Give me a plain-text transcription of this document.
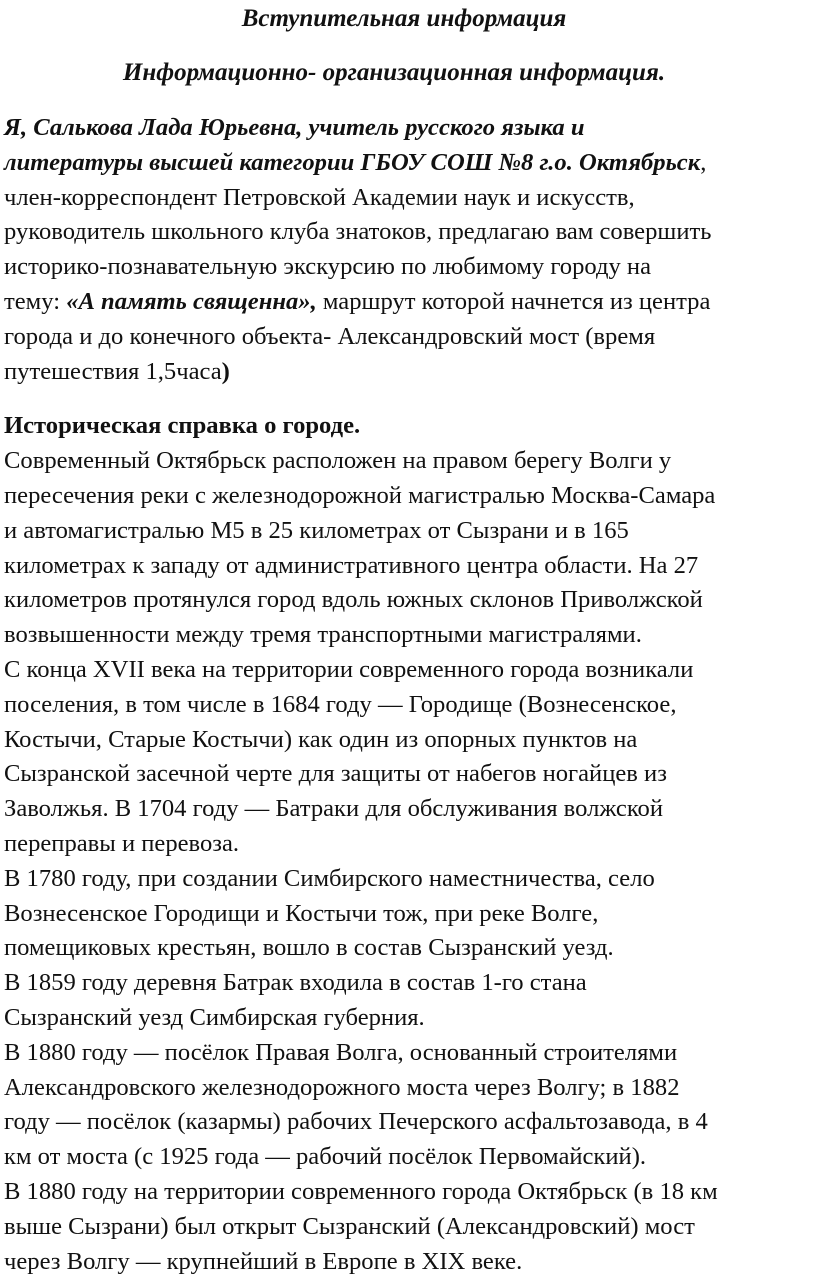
Вступительная информация
Информационно- организационная информация.
Я, Салькова Лада Юрьевна, учитель русского языка и
литературы высшей категории ГБОУ СОШ №8 г.о. Октябрьск,
член-корреспондент Петровской Академии наук и искусств,
руководитель школьного клуба знатоков, предлагаю вам совершить
историко-познавательную экскурсию по любимому городу на
тему: «А память священна», маршрут которой начнется из центра
города и до конечного объекта- Александровский мост (время
путешествия 1,5часа)
Историческая справка о городе.
Современный Октябрьск расположен на правом берегу Волги у
пересечения реки с железнодорожной магистралью Москва-Самара
и автомагистралью М5 в 25 километрах от Сызрани и в 165
километрах к западу от административного центра области. На 27
километров протянулся город вдоль южных склонов Приволжской
возвышенности между тремя транспортными магистралями.
С конца XVII века на территории современного города возникали
поселения, в том числе в 1684 году — Городище (Вознесенское,
Костычи, Старые Костычи) как один из опорных пунктов на
Сызранской засечной черте для защиты от набегов ногайцев из
Заволжья. В 1704 году — Батраки для обслуживания волжской
переправы и перевоза.
В 1780 году, при создании Симбирского наместничества, село
Вознесенское Городищи и Костычи тож, при реке Волге,
помещиковых крестьян, вошло в состав Сызранский уезд.
В 1859 году деревня Батрак входила в состав 1-го стана
Сызранский уезд Симбирская губерния.
В 1880 году — посёлок Правая Волга, основанный строителями
Александровского железнодорожного моста через Волгу; в 1882
году — посёлок (казармы) рабочих Печерского асфальтозавода, в 4
км от моста (с 1925 года — рабочий посёлок Первомайский).
В 1880 году на территории современного города Октябрьск (в 18 км
выше Сызрани) был открыт Сызранский (Александровский) мост
через Волгу — крупнейший в Европе в XIX веке.
